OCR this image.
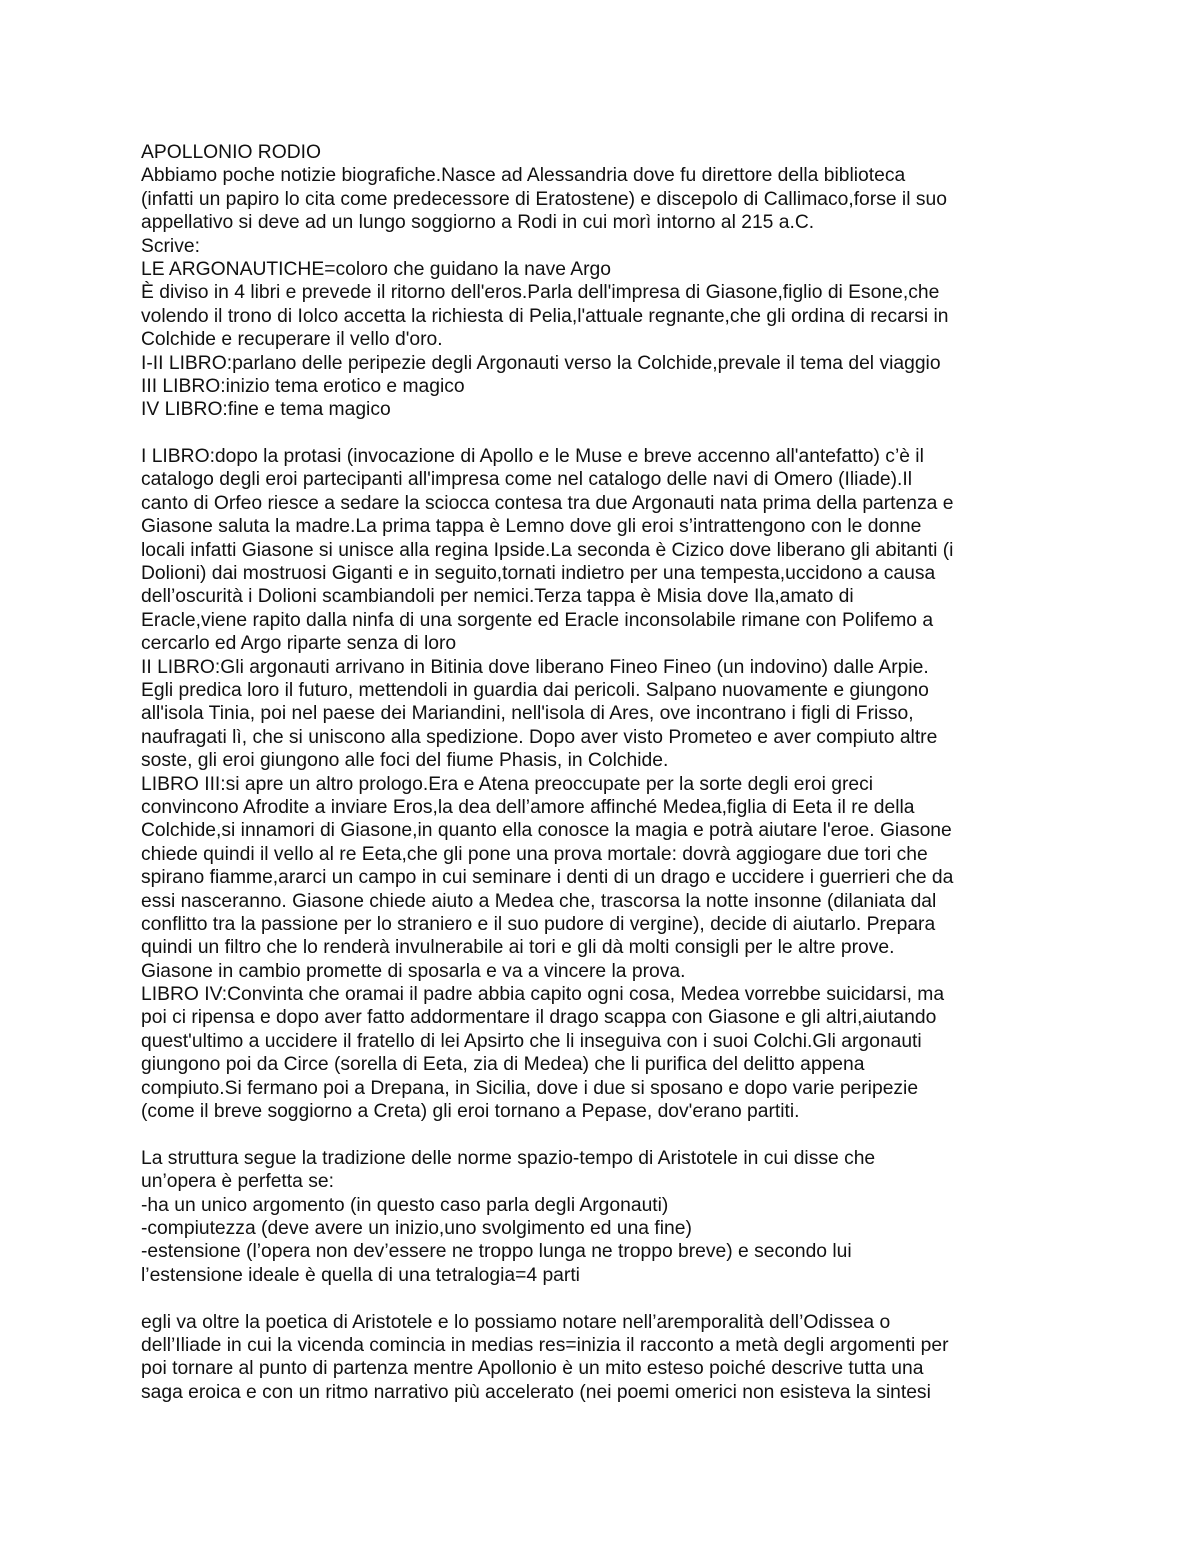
APOLLONIO RODIO
Abbiamo poche notizie biografiche.Nasce ad Alessandria dove fu direttore della biblioteca
(infatti un papiro lo cita come predecessore di Eratostene) e discepolo di Callimaco,forse il suo
appellativo si deve ad un lungo soggiorno a Rodi in cui morì intorno al 215 a.C.
Scrive:
LE ARGONAUTICHE=coloro che guidano la nave Argo
È diviso in 4 libri e prevede il ritorno dell'eros.Parla dell'impresa di Giasone,figlio di Esone,che
volendo il trono di Iolco accetta la richiesta di Pelia,l'attuale regnante,che gli ordina di recarsi in
Colchide e recuperare il vello d'oro.
I-II LIBRO:parlano delle peripezie degli Argonauti verso la Colchide,prevale il tema del viaggio
III LIBRO:inizio tema erotico e magico
IV LIBRO:fine e tema magico
I LIBRO:dopo la protasi (invocazione di Apollo e le Muse e breve accenno all'antefatto) c’è il
catalogo degli eroi partecipanti all'impresa come nel catalogo delle navi di Omero (Iliade).Il
canto di Orfeo riesce a sedare la sciocca contesa tra due Argonauti nata prima della partenza e
Giasone saluta la madre.La prima tappa è Lemno dove gli eroi s’intrattengono con le donne
locali infatti Giasone si unisce alla regina Ipside.La seconda è Cizico dove liberano gli abitanti (i
Dolioni) dai mostruosi Giganti e in seguito,tornati indietro per una tempesta,uccidono a causa
dell’oscurità i Dolioni scambiandoli per nemici.Terza tappa è Misia dove Ila,amato di
Eracle,viene rapito dalla ninfa di una sorgente ed Eracle inconsolabile rimane con Polifemo a
cercarlo ed Argo riparte senza di loro
II LIBRO:Gli argonauti arrivano in Bitinia dove liberano Fineo Fineo (un indovino) dalle Arpie.
Egli predica loro il futuro, mettendoli in guardia dai pericoli. Salpano nuovamente e giungono
all'isola Tinia, poi nel paese dei Mariandini, nell'isola di Ares, ove incontrano i figli di Frisso,
naufragati lì, che si uniscono alla spedizione. Dopo aver visto Prometeo e aver compiuto altre
soste, gli eroi giungono alle foci del fiume Phasis, in Colchide.
LIBRO III:si apre un altro prologo.Era e Atena preoccupate per la sorte degli eroi greci
convincono Afrodite a inviare Eros,la dea dell’amore affinché Medea,figlia di Eeta il re della
Colchide,si innamori di Giasone,in quanto ella conosce la magia e potrà aiutare l'eroe. Giasone
chiede quindi il vello al re Eeta,che gli pone una prova mortale: dovrà aggiogare due tori che
spirano fiamme,ararci un campo in cui seminare i denti di un drago e uccidere i guerrieri che da
essi nasceranno. Giasone chiede aiuto a Medea che, trascorsa la notte insonne (dilaniata dal
conflitto tra la passione per lo straniero e il suo pudore di vergine), decide di aiutarlo. Prepara
quindi un filtro che lo renderà invulnerabile ai tori e gli dà molti consigli per le altre prove.
Giasone in cambio promette di sposarla e va a vincere la prova.
LIBRO IV:Convinta che oramai il padre abbia capito ogni cosa, Medea vorrebbe suicidarsi, ma
poi ci ripensa e dopo aver fatto addormentare il drago scappa con Giasone e gli altri,aiutando
quest'ultimo a uccidere il fratello di lei Apsirto che li inseguiva con i suoi Colchi.Gli argonauti
giungono poi da Circe (sorella di Eeta, zia di Medea) che li purifica del delitto appena
compiuto.Si fermano poi a Drepana, in Sicilia, dove i due si sposano e dopo varie peripezie
(come il breve soggiorno a Creta) gli eroi tornano a Pepase, dov'erano partiti.
La struttura segue la tradizione delle norme spazio-tempo di Aristotele in cui disse che
un’opera è perfetta se:
-ha un unico argomento (in questo caso parla degli Argonauti)
-compiutezza (deve avere un inizio,uno svolgimento ed una fine)
-estensione (l’opera non dev’essere ne troppo lunga ne troppo breve) e secondo lui
l’estensione ideale è quella di una tetralogia=4 parti
egli va oltre la poetica di Aristotele e lo possiamo notare nell’aremporalità dell’Odissea o
dell’Iliade in cui la vicenda comincia in medias res=inizia il racconto a metà degli argomenti per
poi tornare al punto di partenza mentre Apollonio è un mito esteso poiché descrive tutta una
saga eroica e con un ritmo narrativo più accelerato (nei poemi omerici non esisteva la sintesi
